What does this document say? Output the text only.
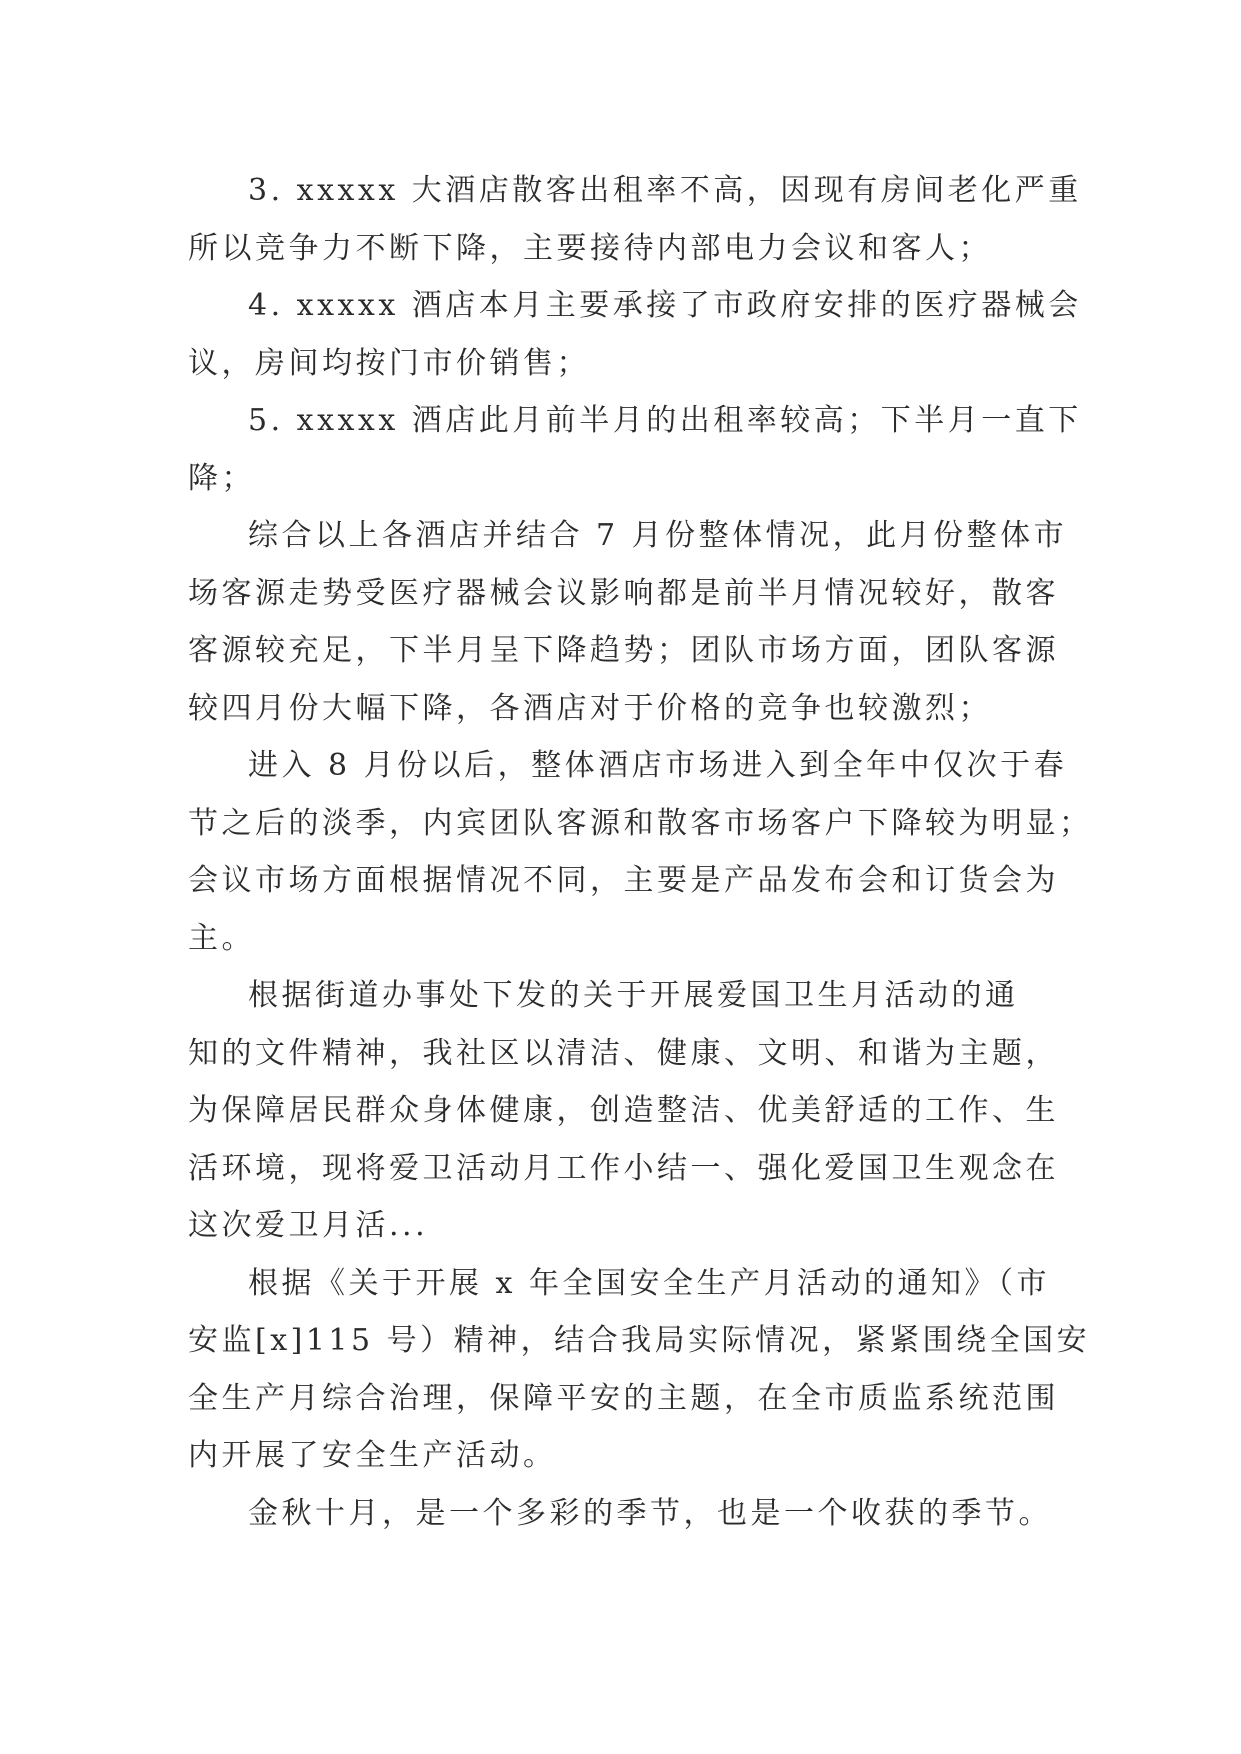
3. xxxxx 大酒店散客出租率不高，因现有房间老化严重
所以竞争力不断下降，主要接待内部电力会议和客人；

4. xxxxx 酒店本月主要承接了市政府安排的医疗器械会
议，房间均按门市价销售；

5. xxxxx 酒店此月前半月的出租率较高；下半月一直下
降；

综合以上各酒店并结合 7 月份整体情况，此月份整体市
场客源走势受医疗器械会议影响都是前半月情况较好，散客
客源较充足，下半月呈下降趋势；团队市场方面，团队客源
较四月份大幅下降，各酒店对于价格的竞争也较激烈；

进入 8 月份以后，整体酒店市场进入到全年中仅次于春
节之后的淡季，内宾团队客源和散客市场客户下降较为明显；
会议市场方面根据情况不同，主要是产品发布会和订货会为
主。

根据街道办事处下发的关于开展爱国卫生月活动的通
知的文件精神，我社区以清洁、健康、文明、和谐为主题，
为保障居民群众身体健康，创造整洁、优美舒适的工作、生
活环境，现将爱卫活动月工作小结一、强化爱国卫生观念在
这次爱卫月活...

根据《关于开展 x 年全国安全生产月活动的通知》（市
安监[x]115 号）精神，结合我局实际情况，紧紧围绕全国安
全生产月综合治理，保障平安的主题，在全市质监系统范围
内开展了安全生产活动。

金秋十月，是一个多彩的季节，也是一个收获的季节。
